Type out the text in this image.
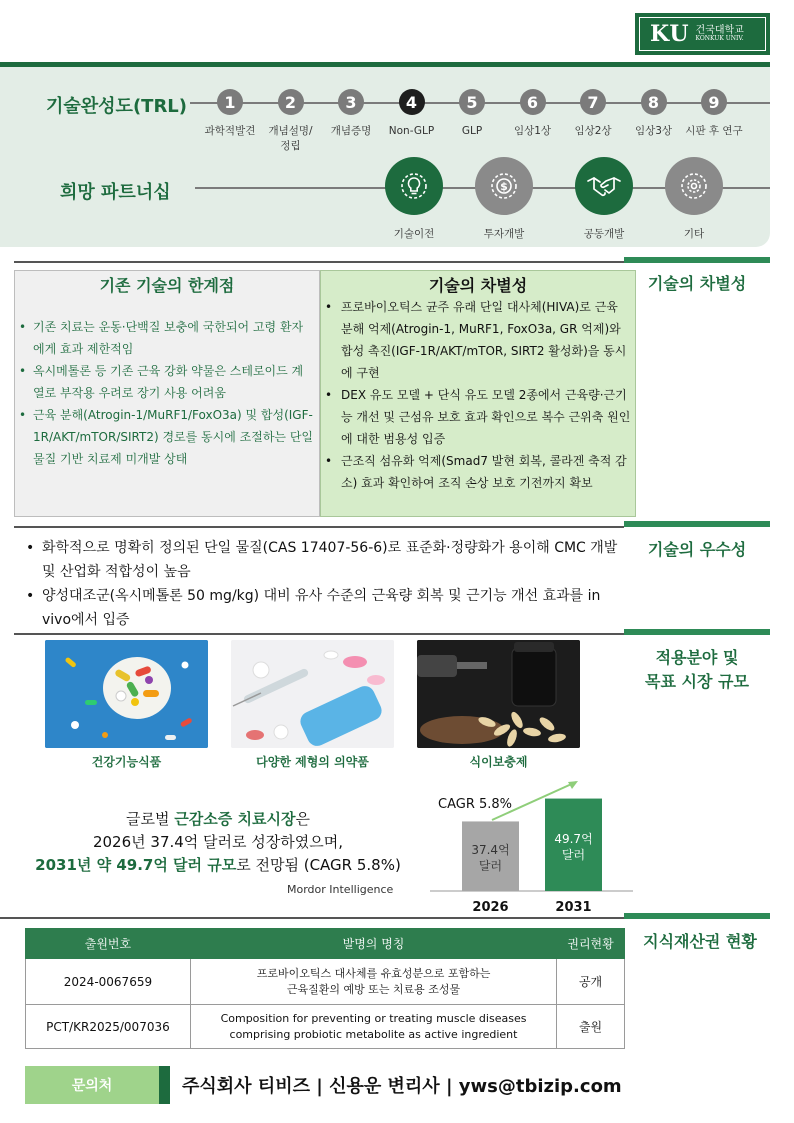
KU 건국대학교
KONKUK UNIV.
기술완성도(TRL)	1
과학적발견
2
개념설명/
정립
3
개념증명
4
Non-GLP
5
GLP
6
임상1상
7
임상2상
8
임상3상
9
시판 후 연구
희망 파트너십	$
기술이전	투자개발	공동개발	기타
기술의 차별성
기존 기술의 한계점
• 기존 치료는 운동·단백질 보충에 국한되어 고령 환자에게 효과 제한적임
• 옥시메톨론 등 기존 근육 강화 약물은 스테로이드 계열로 부작용 우려로 장기 사용 어려움
• 근육 분해(Atrogin-1/MuRF1/FoxO3a) 및 합성(IGF-1R/AKT/mTOR/SIRT2) 경로를 동시에 조절하는 단일 물질 기반 치료제 미개발 상태
기술의 차별성
• 프로바이오틱스 균주 유래 단일 대사체(HIVA)로 근육 분해 억제(Atrogin-1, MuRF1, FoxO3a, GR 억제)와 합성 촉진(IGF-1R/AKT/mTOR, SIRT2 활성화)을 동시에 구현
• DEX 유도 모델 + 단식 유도 모델 2종에서 근육량·근기능 개선 및 근섬유 보호 효과 확인으로 복수 근위축 원인에 대한 범용성 입증
• 근조직 섬유화 억제(Smad7 발현 회복, 콜라겐 축적 감소) 효과 확인하여 조직 손상 보호 기전까지 확보
기술의 우수성
• 화학적으로 명확히 정의된 단일 물질(CAS 17407-56-6)로 표준화·정량화가 용이해 CMC 개발 및 산업화 적합성이 높음
• 양성대조군(옥시메톨론 50 mg/kg) 대비 유사 수준의 근육량 회복 및 근기능 개선 효과를 in vivo에서 입증
적용분야 및
목표 시장 규모
건강기능식품	다양한 제형의 의약품	식이보충제
글로벌 근감소증 치료시장은
2026년 37.4억 달러로 성장하였으며,
2031년 약 49.7억 달러 규모로 전망됨 (CAGR 5.8%)
Mordor Intelligence
37.4억 달러
2026
49.7억 달러
2031
CAGR 5.8%
지식재산권 현황
출원번호	발명의 명칭	권리현황
2024-0067659	프로바이오틱스 대사체를 유효성분으로 포함하는
근육질환의 예방 또는 치료용 조성물	공개
PCT/KR2025/007036	Composition for preventing or treating muscle diseases
comprising probiotic metabolite as active ingredient	출원
문의처	주식회사 티비즈 | 신용운 변리사 | yws@tbizip.com
